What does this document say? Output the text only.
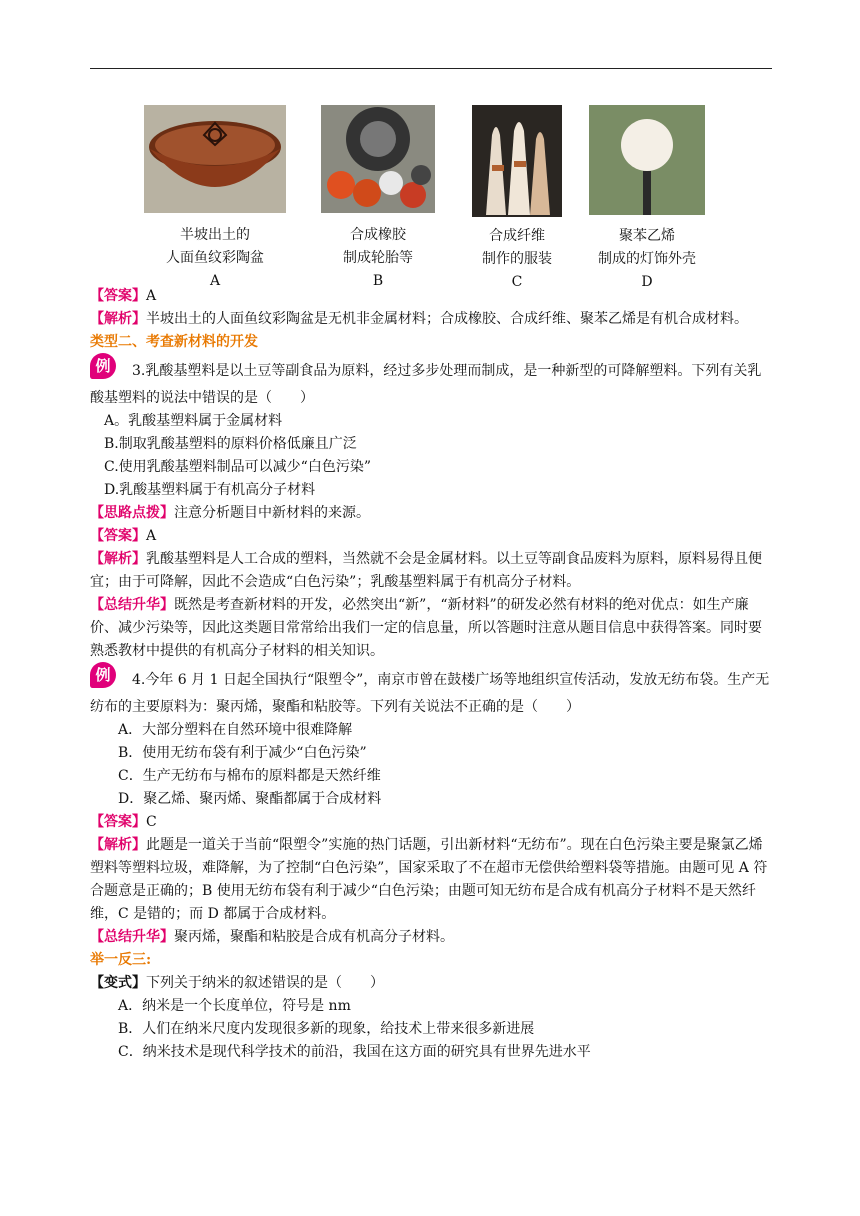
半坡出土的
人面鱼纹彩陶盆
A
合成橡胶
制成轮胎等
B
合成纤维
制作的服装
C
聚苯乙烯
制成的灯饰外壳
D

【答案】A

【解析】半坡出土的人面鱼纹彩陶盆是无机非金属材料；合成橡胶、合成纤维、聚苯乙烯是有机合成材料。

类型二、考查新材料的开发

例 3.乳酸基塑料是以土豆等副食品为原料，经过多步处理而制成，是一种新型的可降解塑料。下列有关乳酸基塑料的说法中错误的是（　　）

A。乳酸基塑料属于金属材料

B.制取乳酸基塑料的原料价格低廉且广泛

C.使用乳酸基塑料制品可以减少“白色污染”

D.乳酸基塑料属于有机高分子材料

【思路点拨】注意分析题目中新材料的来源。

【答案】A

【解析】乳酸基塑料是人工合成的塑料，当然就不会是金属材料。以土豆等副食品废料为原料，原料易得且便宜；由于可降解，因此不会造成“白色污染”；乳酸基塑料属于有机高分子材料。

【总结升华】既然是考查新材料的开发，必然突出“新”，“新材料”的研发必然有材料的绝对优点：如生产廉价、减少污染等，因此这类题目常常给出我们一定的信息量，所以答题时注意从题目信息中获得答案。同时要熟悉教材中提供的有机高分子材料的相关知识。

例 4.今年 6 月 1 日起全国执行“限塑令”，南京市曾在鼓楼广场等地组织宣传活动，发放无纺布袋。生产无纺布的主要原料为：聚丙烯，聚酯和粘胶等。下列有关说法不正确的是（　　）

A．大部分塑料在自然环境中很难降解

B．使用无纺布袋有利于减少“白色污染”

C．生产无纺布与棉布的原料都是天然纤维

D．聚乙烯、聚丙烯、聚酯都属于合成材料

【答案】C

【解析】此题是一道关于当前“限塑令”实施的热门话题，引出新材料“无纺布”。现在白色污染主要是聚氯乙烯塑料等塑料垃圾，难降解，为了控制“白色污染”，国家采取了不在超市无偿供给塑料袋等措施。由题可见 A 符合题意是正确的；B 使用无纺布袋有利于减少“白色污染；由题可知无纺布是合成有机高分子材料不是天然纤维，C 是错的；而 D 都属于合成材料。

【总结升华】聚丙烯，聚酯和粘胶是合成有机高分子材料。

举一反三:

【变式】下列关于纳米的叙述错误的是（　　）

A．纳米是一个长度单位，符号是 nm

B．人们在纳米尺度内发现很多新的现象，给技术上带来很多新进展

C．纳米技术是现代科学技术的前沿，我国在这方面的研究具有世界先进水平
